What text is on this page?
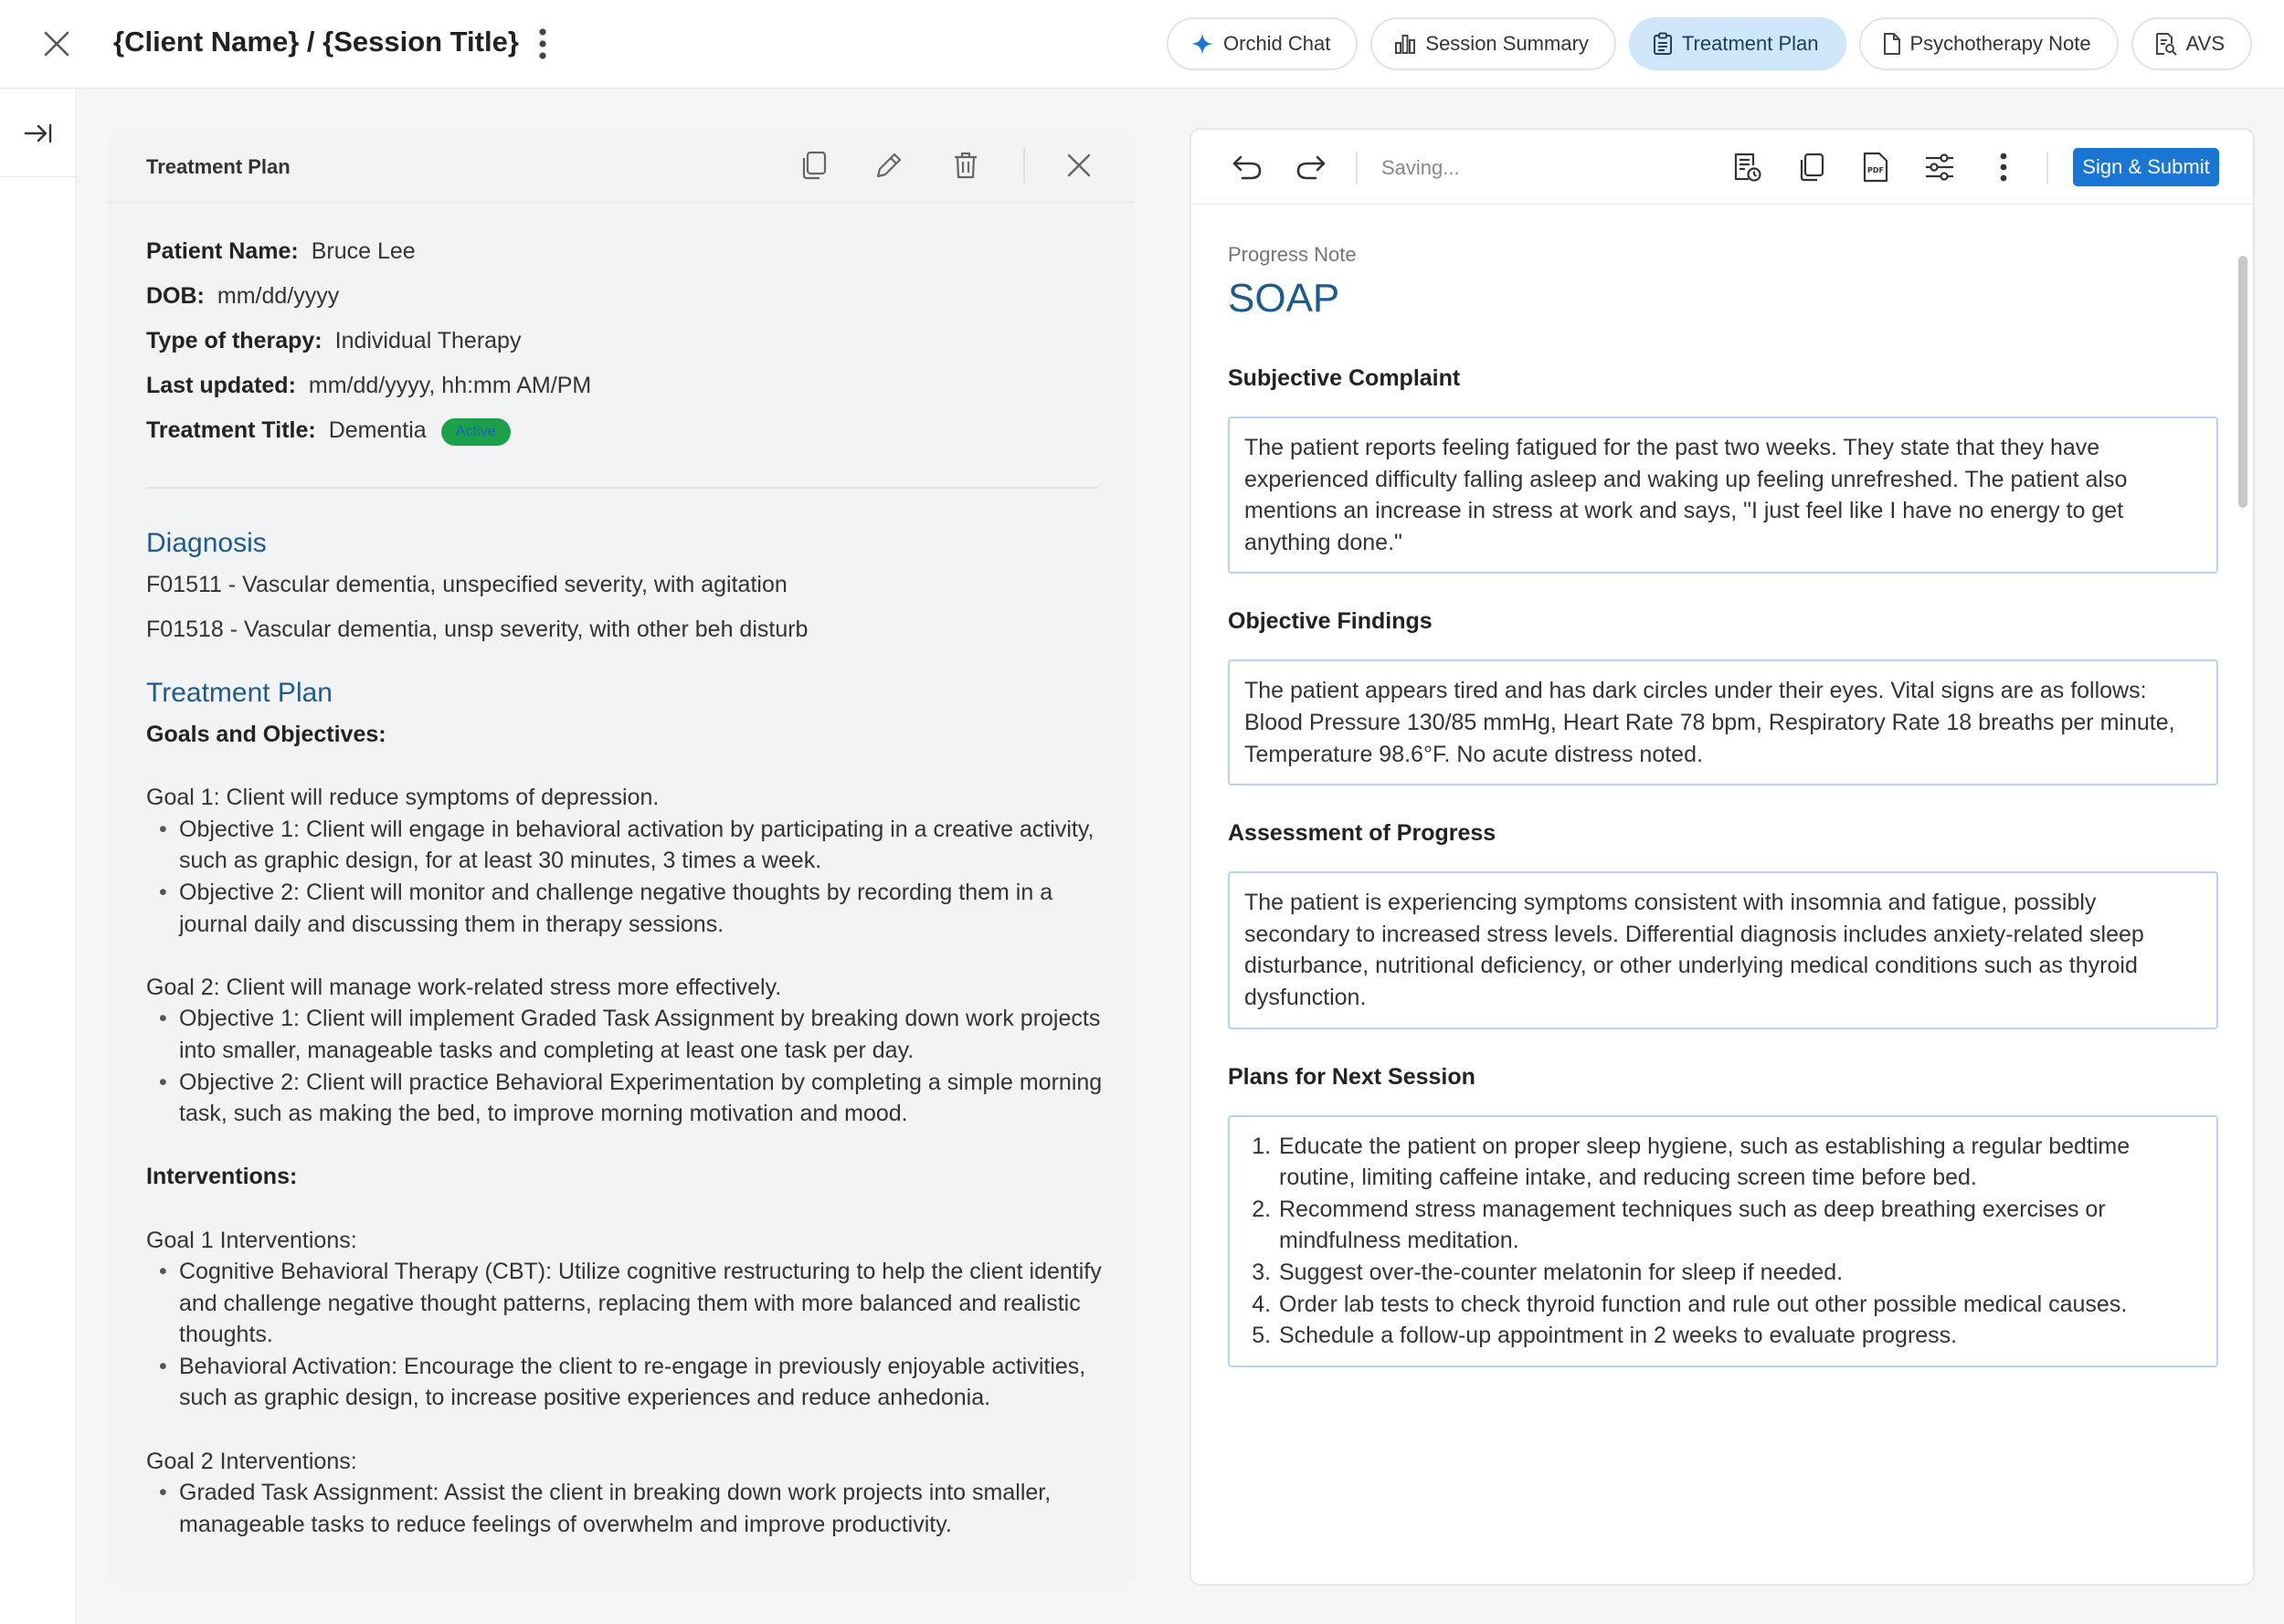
{Client Name} / {Session Title}	Orchid Chat	Session Summary	Treatment Plan	Psychotherapy Note	AVS
Treatment Plan
Patient Name: Bruce Lee
DOB: mm/dd/yyyy
Type of therapy: Individual Therapy
Last updated: mm/dd/yyyy, hh:mm AM/PM
Treatment Title: Dementia	Active
Diagnosis
F01511 - Vascular dementia, unspecified severity, with agitation
F01518 - Vascular dementia, unsp severity, with other beh disturb
Treatment Plan
Goals and Objectives:
Goal 1: Client will reduce symptoms of depression.
• Objective 1: Client will engage in behavioral activation by participating in a creative activity, such as graphic design, for at least 30 minutes, 3 times a week.
• Objective 2: Client will monitor and challenge negative thoughts by recording them in a journal daily and discussing them in therapy sessions.
Goal 2: Client will manage work-related stress more effectively.
• Objective 1: Client will implement Graded Task Assignment by breaking down work projects into smaller, manageable tasks and completing at least one task per day.
• Objective 2: Client will practice Behavioral Experimentation by completing a simple morning task, such as making the bed, to improve morning motivation and mood.
Interventions:
Goal 1 Interventions:
• Cognitive Behavioral Therapy (CBT): Utilize cognitive restructuring to help the client identify and challenge negative thought patterns, replacing them with more balanced and realistic thoughts.
• Behavioral Activation: Encourage the client to re-engage in previously enjoyable activities, such as graphic design, to increase positive experiences and reduce anhedonia.
Goal 2 Interventions:
• Graded Task Assignment: Assist the client in breaking down work projects into smaller, manageable tasks to reduce feelings of overwhelm and improve productivity.
Saving...	PDF	Sign & Submit
Progress Note
SOAP
Subjective Complaint
The patient reports feeling fatigued for the past two weeks. They state that they have experienced difficulty falling asleep and waking up feeling unrefreshed. The patient also mentions an increase in stress at work and says, "I just feel like I have no energy to get anything done."
Objective Findings
The patient appears tired and has dark circles under their eyes. Vital signs are as follows: Blood Pressure 130/85 mmHg, Heart Rate 78 bpm, Respiratory Rate 18 breaths per minute, Temperature 98.6°F. No acute distress noted.
Assessment of Progress
The patient is experiencing symptoms consistent with insomnia and fatigue, possibly secondary to increased stress levels. Differential diagnosis includes anxiety-related sleep disturbance, nutritional deficiency, or other underlying medical conditions such as thyroid dysfunction.
Plans for Next Session
1. Educate the patient on proper sleep hygiene, such as establishing a regular bedtime routine, limiting caffeine intake, and reducing screen time before bed.
2. Recommend stress management techniques such as deep breathing exercises or mindfulness meditation.
3. Suggest over-the-counter melatonin for sleep if needed.
4. Order lab tests to check thyroid function and rule out other possible medical causes.
5. Schedule a follow-up appointment in 2 weeks to evaluate progress.
